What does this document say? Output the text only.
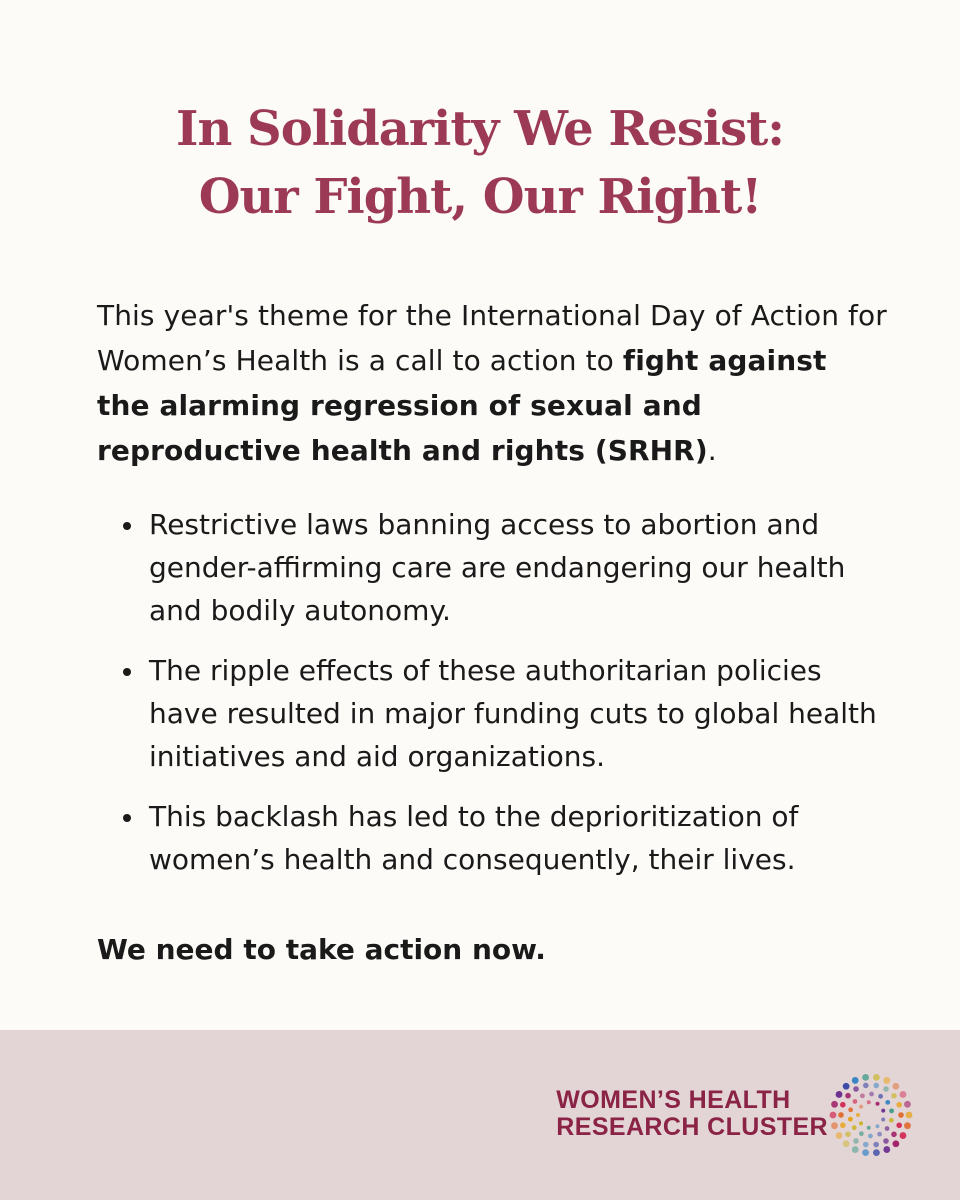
In Solidarity We Resist:
Our Fight, Our Right!

This year's theme for the International Day of Action for Women’s Health is a call to action to fight against the alarming regression of sexual and reproductive health and rights (SRHR).

Restrictive laws banning access to abortion and gender-affirming care are endangering our health and bodily autonomy.
The ripple effects of these authoritarian policies have resulted in major funding cuts to global health initiatives and aid organizations.
This backlash has led to the deprioritization of women’s health and consequently, their lives.
We need to take action now.
WOMEN’S HEALTH
RESEARCH CLUSTER
